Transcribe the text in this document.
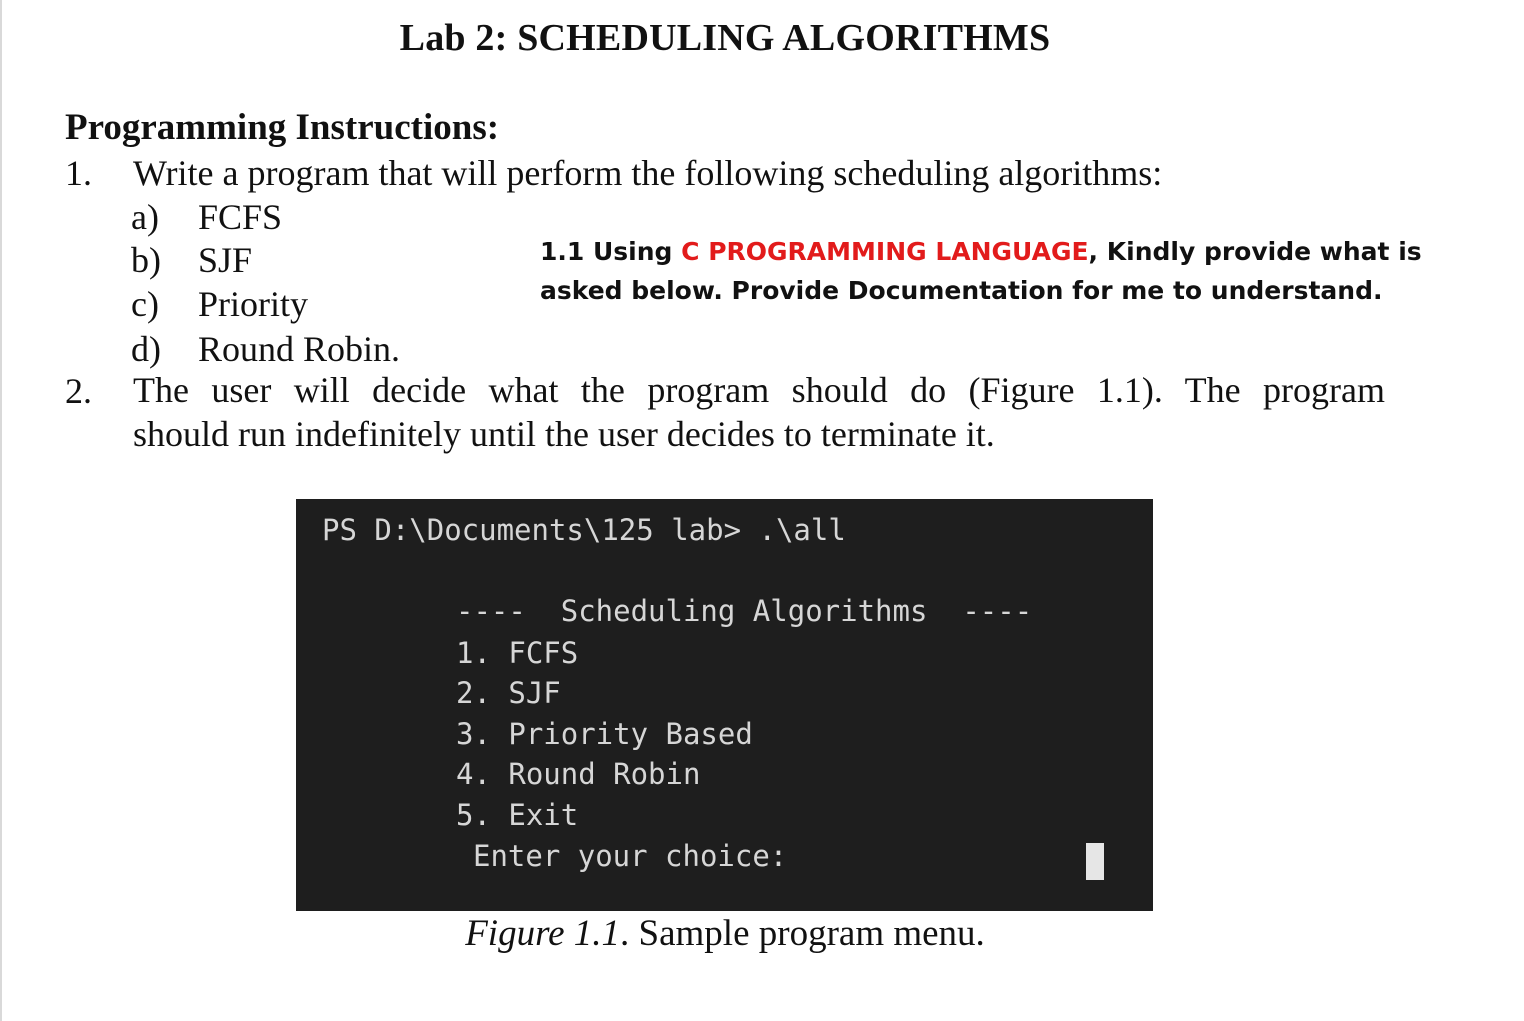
Lab 2: SCHEDULING ALGORITHMS
Programming Instructions:
1. Write a program that will perform the following scheduling algorithms:
a) FCFS
b) SJF
c) Priority
d) Round Robin.
2. The user will decide what the program should do (Figure 1.1). The program
should run indefinitely until the user decides to terminate it.
1.1 Using C PROGRAMMING LANGUAGE, Kindly provide what is asked below. Provide Documentation for me to understand.
PS D:\Documents\125 lab> .\all
----  Scheduling Algorithms  ----
1. FCFS
2. SJF
3. Priority Based
4. Round Robin
5. Exit
Enter your choice:
Figure 1.1. Sample program menu.
